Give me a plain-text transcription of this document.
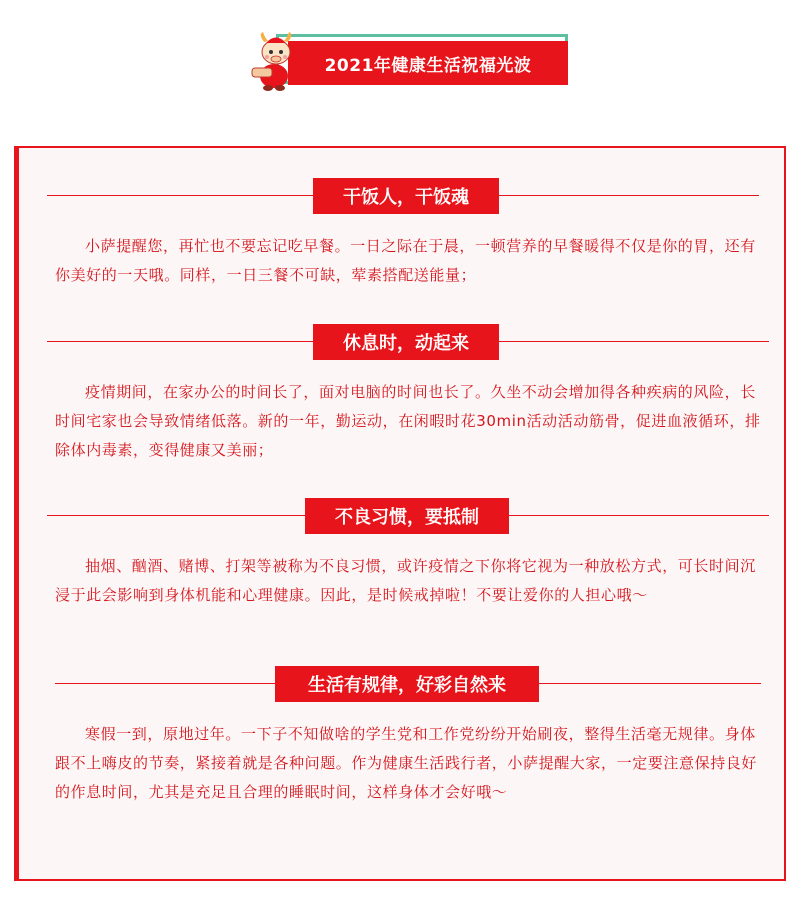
2021年健康生活祝福光波
干饭人，干饭魂

小萨提醒您，再忙也不要忘记吃早餐。一日之际在于晨，一顿营养的早餐暖得不仅是你的胃，还有你美好的一天哦。同样，一日三餐不可缺，荤素搭配送能量；

休息时，动起来

疫情期间，在家办公的时间长了，面对电脑的时间也长了。久坐不动会增加得各种疾病的风险，长时间宅家也会导致情绪低落。新的一年，勤运动，在闲暇时花30min活动活动筋骨，促进血液循环，排除体内毒素，变得健康又美丽；

不良习惯，要抵制

抽烟、酗酒、赌博、打架等被称为不良习惯，或许疫情之下你将它视为一种放松方式，可长时间沉浸于此会影响到身体机能和心理健康。因此，是时候戒掉啦！不要让爱你的人担心哦～

生活有规律，好彩自然来

寒假一到，原地过年。一下子不知做啥的学生党和工作党纷纷开始刷夜，整得生活毫无规律。身体跟不上嗨皮的节奏，紧接着就是各种问题。作为健康生活践行者，小萨提醒大家，一定要注意保持良好的作息时间，尤其是充足且合理的睡眠时间，这样身体才会好哦～
